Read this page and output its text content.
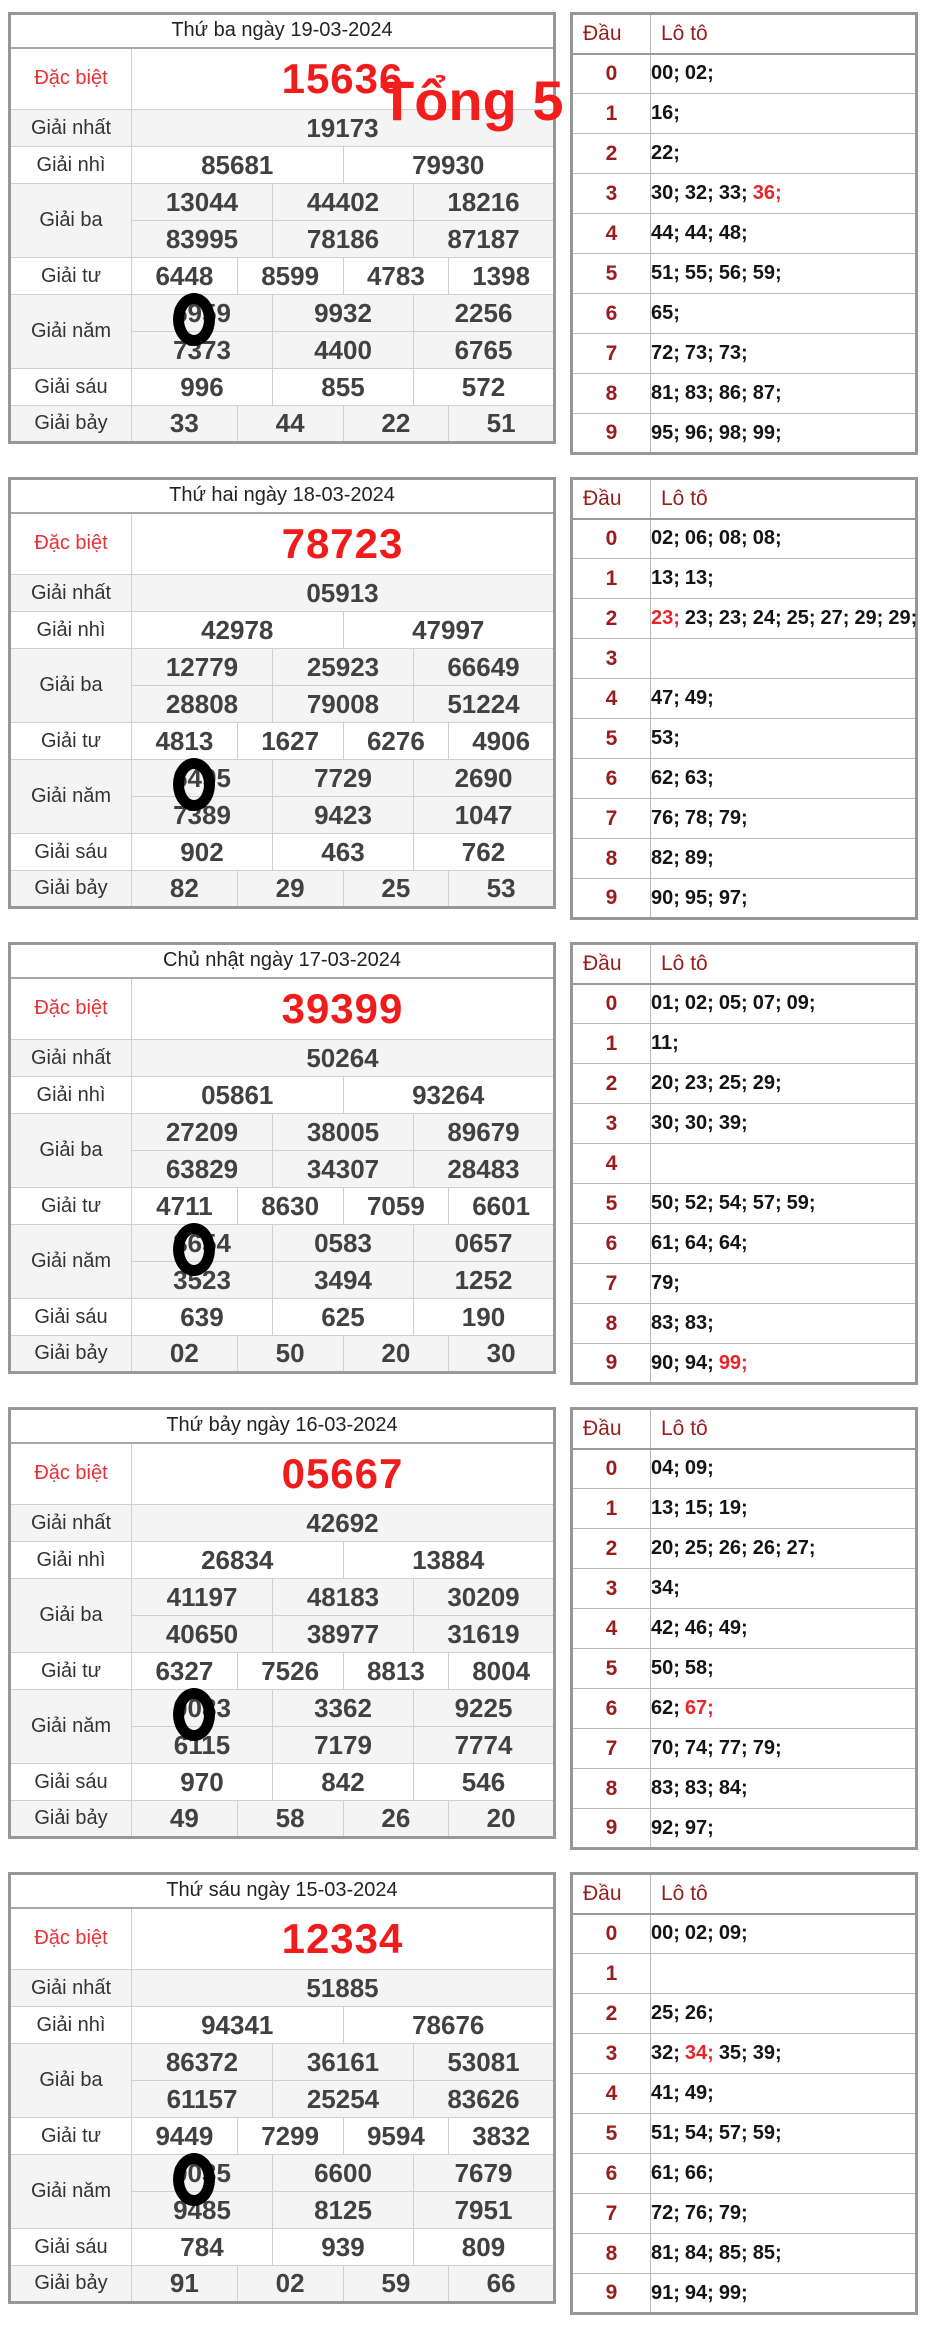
Tổng 5
Thứ ba ngày 19-03-2024						
Đặc biệt	15636					
Giải nhất	19173					
Giải nhì	85681			79930		
Giải ba	13044		44402		18216	
	83995		78186		87187	
Giải tư	6448	8599		4783		1398
Giải năm	6959		9932		2256	
	7373		4400		6765	
Giải sáu	996		855		572	
Giải bảy	33	44		22		51
Đầu	Lô tô
0	00; 02;
1	16;
2	22;
3	30; 32; 33; 36;
4	44; 44; 48;
5	51; 55; 56; 59;
6	65;
7	72; 73; 73;
8	81; 83; 86; 87;
9	95; 96; 98; 99;
Thứ hai ngày 18-03-2024						
Đặc biệt	78723					
Giải nhất	05913					
Giải nhì	42978			47997		
Giải ba	12779		25923		66649	
	28808		79008		51224	
Giải tư	4813	1627		6276		4906
Giải năm	6495		7729		2690	
	7389		9423		1047	
Giải sáu	902		463		762	
Giải bảy	82	29		25		53
Đầu	Lô tô
0	02; 06; 08; 08;
1	13; 13;
2	23; 23; 23; 24; 25; 27; 29; 29;
3	
4	47; 49;
5	53;
6	62; 63;
7	76; 78; 79;
8	82; 89;
9	90; 95; 97;
Chủ nhật ngày 17-03-2024						
Đặc biệt	39399					
Giải nhất	50264					
Giải nhì	05861			93264		
Giải ba	27209		38005		89679	
	63829		34307		28483	
Giải tư	4711	8630		7059		6601
Giải năm	8654		0583		0657	
	3523		3494		1252	
Giải sáu	639		625		190	
Giải bảy	02	50		20		30
Đầu	Lô tô
0	01; 02; 05; 07; 09;
1	11;
2	20; 23; 25; 29;
3	30; 30; 39;
4	
5	50; 52; 54; 57; 59;
6	61; 64; 64;
7	79;
8	83; 83;
9	90; 94; 99;
Thứ bảy ngày 16-03-2024						
Đặc biệt	05667					
Giải nhất	42692					
Giải nhì	26834			13884		
Giải ba	41197		48183		30209	
	40650		38977		31619	
Giải tư	6327	7526		8813		8004
Giải năm	0083		3362		9225	
	6115		7179		7774	
Giải sáu	970		842		546	
Giải bảy	49	58		26		20
Đầu	Lô tô
0	04; 09;
1	13; 15; 19;
2	20; 25; 26; 26; 27;
3	34;
4	42; 46; 49;
5	50; 58;
6	62; 67;
7	70; 74; 77; 79;
8	83; 83; 84;
9	92; 97;
Thứ sáu ngày 15-03-2024						
Đặc biệt	12334					
Giải nhất	51885					
Giải nhì	94341			78676		
Giải ba	86372		36161		53081	
	61157		25254		83626	
Giải tư	9449	7299		9594		3832
Giải năm	0035		6600		7679	
	9485		8125		7951	
Giải sáu	784		939		809	
Giải bảy	91	02		59		66
Đầu	Lô tô
0	00; 02; 09;
1	
2	25; 26;
3	32; 34; 35; 39;
4	41; 49;
5	51; 54; 57; 59;
6	61; 66;
7	72; 76; 79;
8	81; 84; 85; 85;
9	91; 94; 99;
